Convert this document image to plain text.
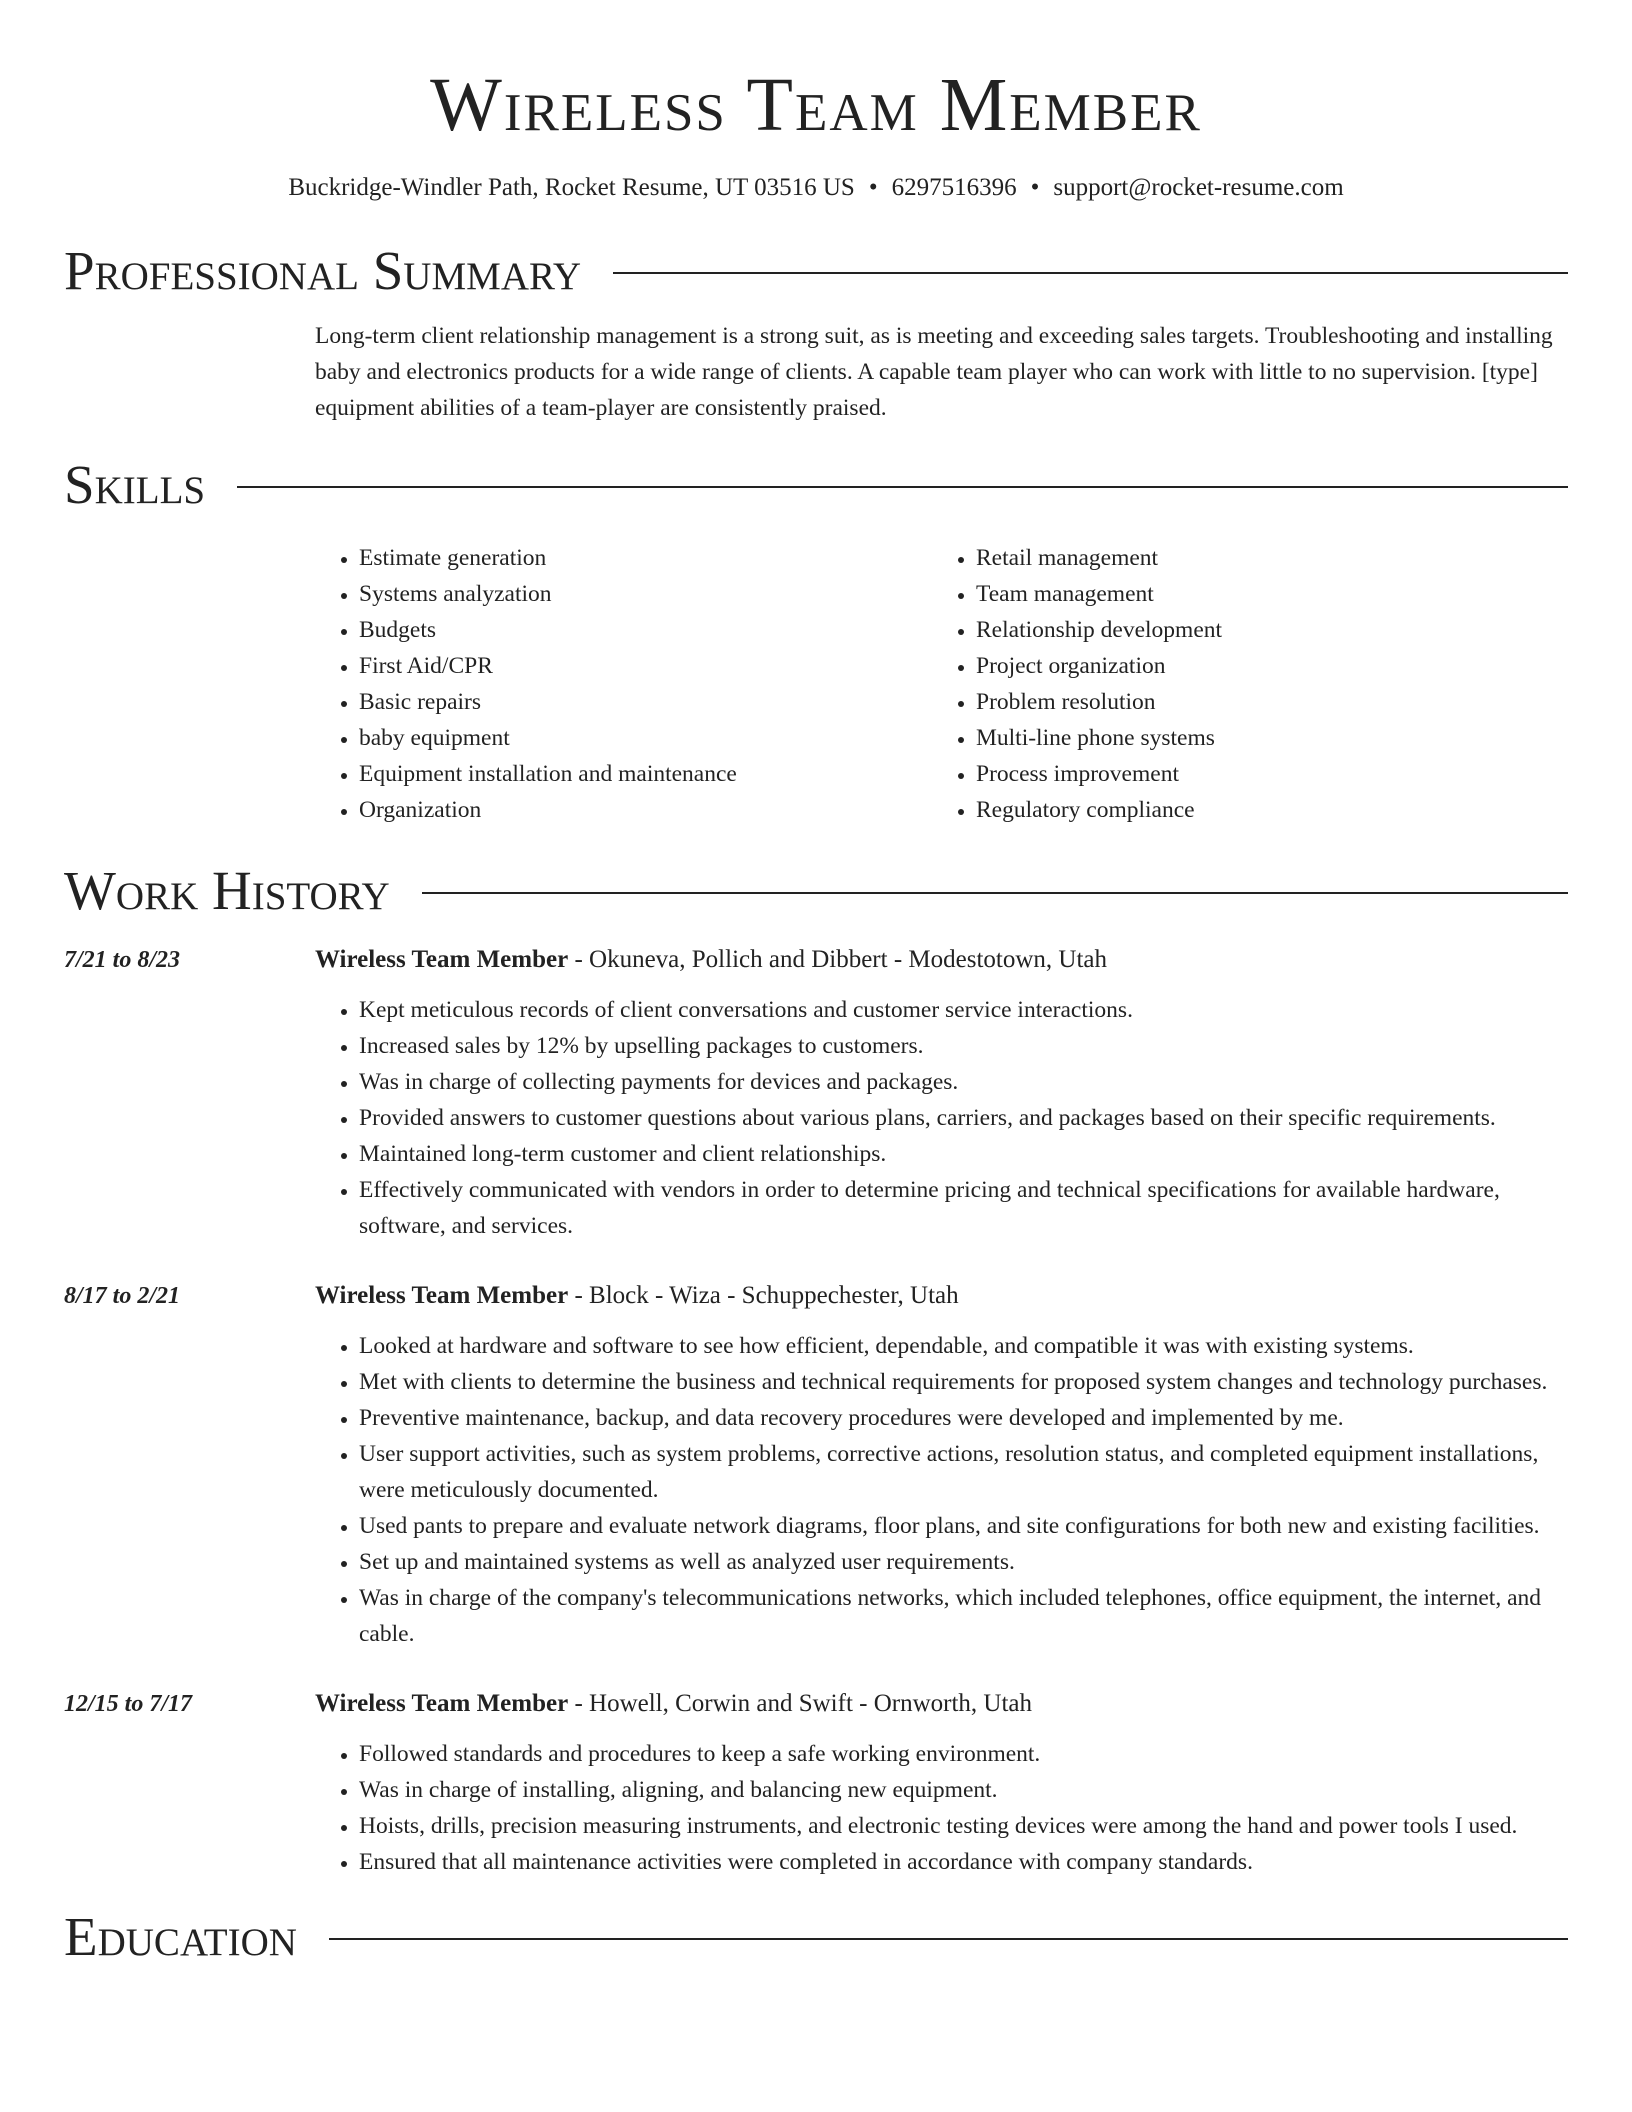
Wireless Team Member
Buckridge-Windler Path, Rocket Resume, UT 03516 US • 6297516396 • support@rocket-resume.com
Professional Summary
Long-term client relationship management is a strong suit, as is meeting and exceeding sales targets. Troubleshooting and installing baby and electronics products for a wide range of clients. A capable team player who can work with little to no supervision. [type] equipment abilities of a team-player are consistently praised.
Skills
• Estimate generation
• Systems analyzation
• Budgets
• First Aid/CPR
• Basic repairs
• baby equipment
• Equipment installation and maintenance
• Organization
• Retail management
• Team management
• Relationship development
• Project organization
• Problem resolution
• Multi-line phone systems
• Process improvement
• Regulatory compliance
Work History
7/21 to 8/23	Wireless Team Member - Okuneva, Pollich and Dibbert - Modestotown, Utah
• Kept meticulous records of client conversations and customer service interactions.
• Increased sales by 12% by upselling packages to customers.
• Was in charge of collecting payments for devices and packages.
• Provided answers to customer questions about various plans, carriers, and packages based on their specific requirements.
• Maintained long-term customer and client relationships.
• Effectively communicated with vendors in order to determine pricing and technical specifications for available hardware, software, and services.
8/17 to 2/21	Wireless Team Member - Block - Wiza - Schuppechester, Utah
• Looked at hardware and software to see how efficient, dependable, and compatible it was with existing systems.
• Met with clients to determine the business and technical requirements for proposed system changes and technology purchases.
• Preventive maintenance, backup, and data recovery procedures were developed and implemented by me.
• User support activities, such as system problems, corrective actions, resolution status, and completed equipment installations, were meticulously documented.
• Used pants to prepare and evaluate network diagrams, floor plans, and site configurations for both new and existing facilities.
• Set up and maintained systems as well as analyzed user requirements.
• Was in charge of the company's telecommunications networks, which included telephones, office equipment, the internet, and cable.
12/15 to 7/17	Wireless Team Member - Howell, Corwin and Swift - Ornworth, Utah
• Followed standards and procedures to keep a safe working environment.
• Was in charge of installing, aligning, and balancing new equipment.
• Hoists, drills, precision measuring instruments, and electronic testing devices were among the hand and power tools I used.
• Ensured that all maintenance activities were completed in accordance with company standards.
Education
